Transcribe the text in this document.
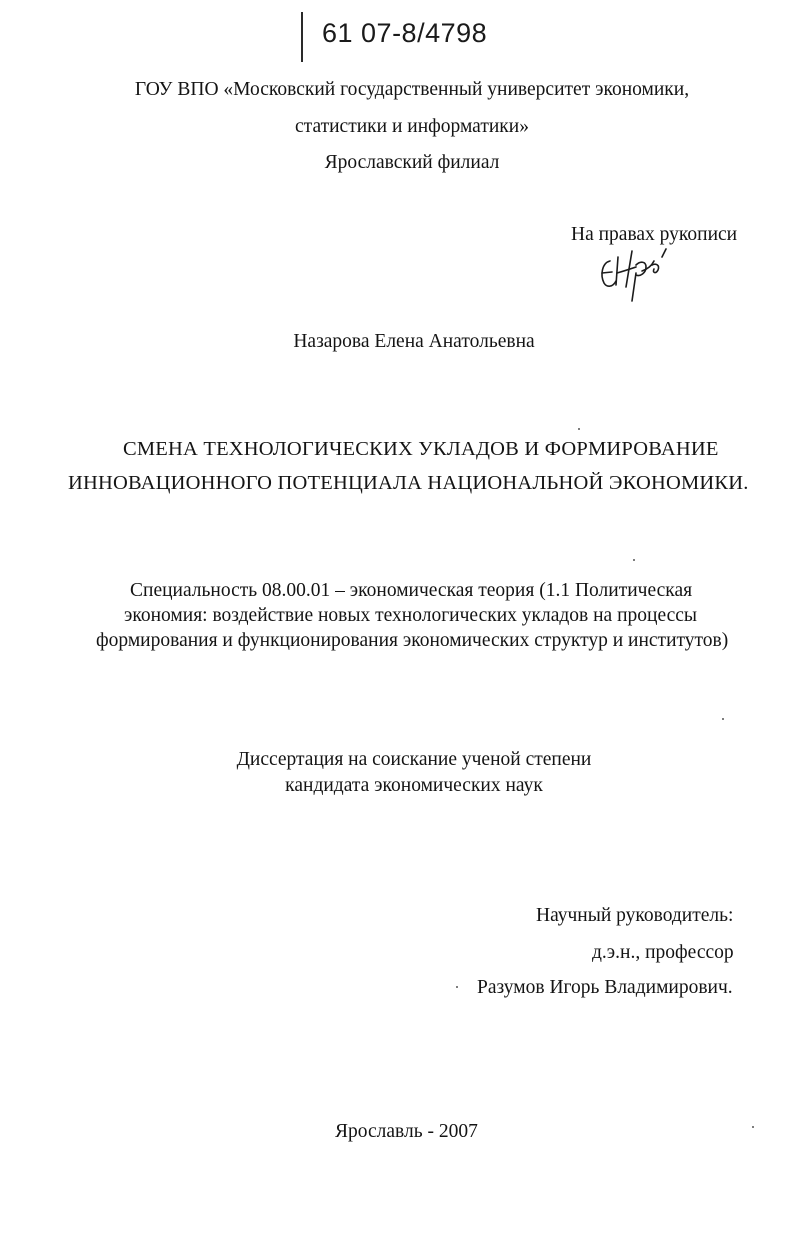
61 07-8/4798
ГОУ ВПО «Московский государственный университет экономики,
статистики и информатики»
Ярославский филиал
На правах рукописи
Назарова Елена Анатольевна
СМЕНА ТЕХНОЛОГИЧЕСКИХ УКЛАДОВ И ФОРМИРОВАНИЕ
ИННОВАЦИОННОГО ПОТЕНЦИАЛА НАЦИОНАЛЬНОЙ ЭКОНОМИКИ.
Специальность 08.00.01 – экономическая теория (1.1 Политическая
экономия: воздействие новых технологических укладов на процессы
формирования и функционирования экономических структур и институтов)
Диссертация на соискание ученой степени
кандидата экономических наук
Научный руководитель:
д.э.н., профессор
Разумов Игорь Владимирович.
Ярославль - 2007
